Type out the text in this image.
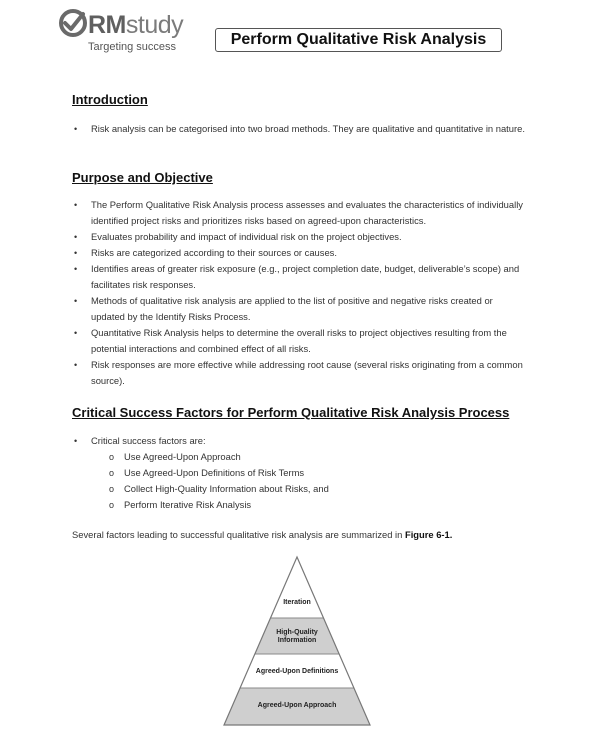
RMstudy
Targeting success	Perform Qualitative Risk Analysis
Introduction
• Risk analysis can be categorised into two broad methods. They are qualitative and quantitative in nature.
Purpose and Objective
• The Perform Qualitative Risk Analysis process assesses and evaluates the characteristics of individually identified project risks and prioritizes risks based on agreed-upon characteristics.
• Evaluates probability and impact of individual risk on the project objectives.
• Risks are categorized according to their sources or causes.
• Identifies areas of greater risk exposure (e.g., project completion date, budget, deliverable’s scope) and facilitates risk responses.
• Methods of qualitative risk analysis are applied to the list of positive and negative risks created or updated by the Identify Risks Process.
• Quantitative Risk Analysis helps to determine the overall risks to project objectives resulting from the potential interactions and combined effect of all risks.
• Risk responses are more effective while addressing root cause (several risks originating from a common source).
Critical Success Factors for Perform Qualitative Risk Analysis Process
• Critical success factors are:
o Use Agreed-Upon Approach
o Use Agreed-Upon Definitions of Risk Terms
o Collect High-Quality Information about Risks, and
o Perform Iterative Risk Analysis
Several factors leading to successful qualitative risk analysis are summarized in Figure 6-1.
Iteration
High-Quality
Information
Agreed-Upon Definitions
Agreed-Upon Approach
